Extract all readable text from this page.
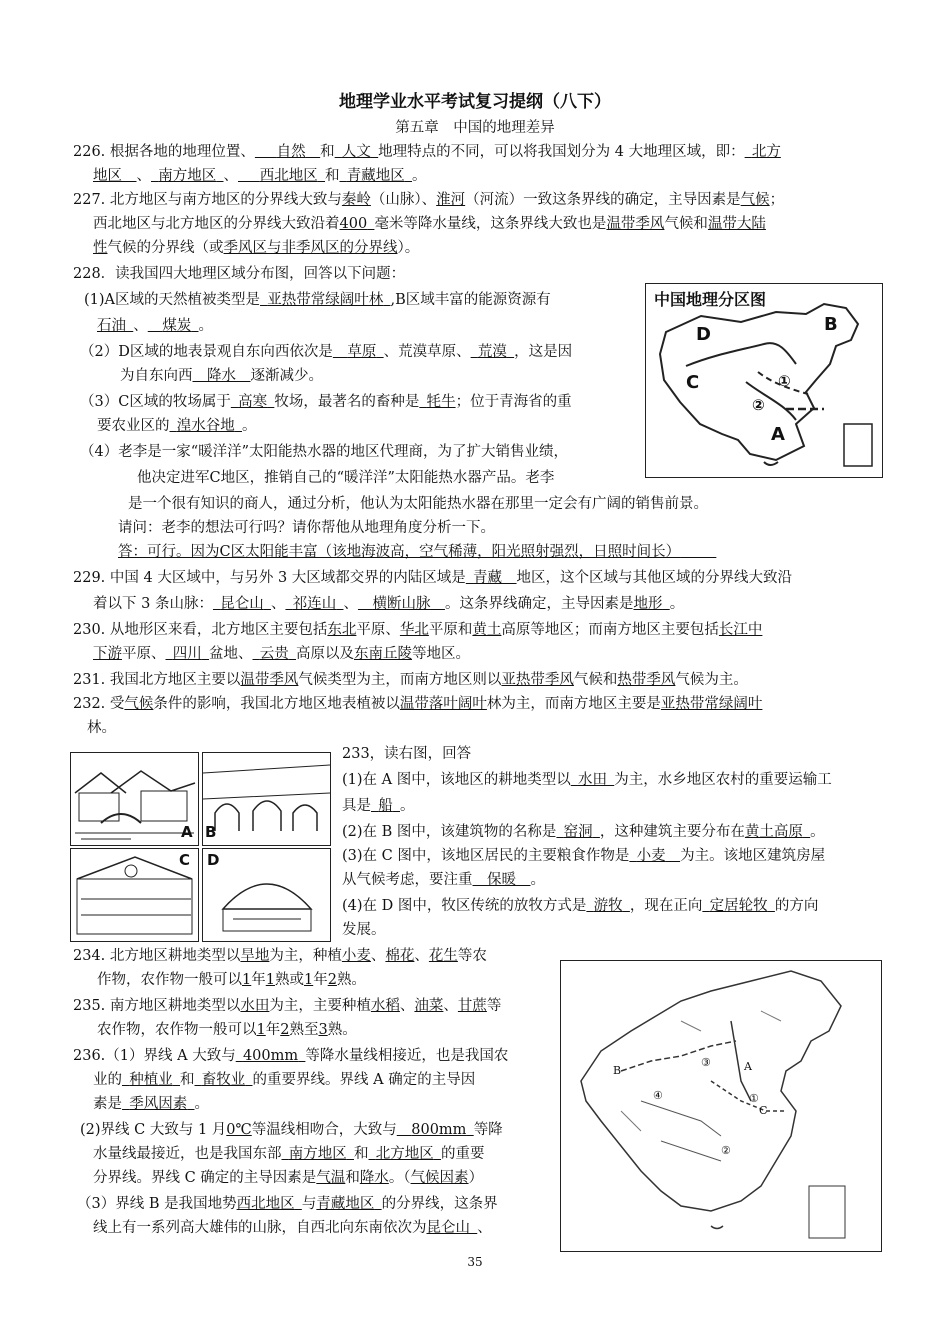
地理学业水平考试复习提纲（八下）
第五章　中国的地理差异
226. 根据各地的地理位置、   自然  和  人文  地理特点的不同，可以将我国划分为 4 大地理区域，即：  北方
地区  、  南方地区  、   西北地区  和  青藏地区  。
227. 北方地区与南方地区的分界线大致与秦岭（山脉）、淮河（河流）一致这条界线的确定，主导因素是气候；
西北地区与北方地区的分界线大致沿着400  毫米等降水量线，这条界线大致也是温带季风气候和温带大陆
性气候的分界线（或季风区与非季风区的分界线）。
228．读我国四大地理区域分布图，回答以下问题：
(1)A区域的天然植被类型是  亚热带常绿阔叶林  ,B区域丰富的能源资源有
石油  、   煤炭  。
（2）D区域的地表景观自东向西依次是   草原  、荒漠草原、  荒漠  ，这是因
为自东向西   降水   逐渐减少。
（3）C区域的牧场属于  高寒  牧场，最著名的畜种是  牦牛；位于青海省的重
要农业区的  湟水谷地  。
（4）老李是一家“暖洋洋”太阳能热水器的地区代理商，为了扩大销售业绩，
他决定进军C地区，推销自己的“暖洋洋”太阳能热水器产品。老李
是一个很有知识的商人，通过分析，他认为太阳能热水器在那里一定会有广阔的销售前景。
请问：老李的想法可行吗？请你帮他从地理角度分析一下。
答：可行。因为C区太阳能丰富（该地海波高，空气稀薄，阳光照射强烈，日照时间长）   
中国地理分区图
D	B
C
A
①
②
229. 中国 4 大区域中，与另外 3 大区域都交界的内陆区域是  青藏   地区，这个区域与其他区域的分界线大致沿
着以下 3 条山脉：  昆仑山  、  祁连山  、   横断山脉   。这条界线确定，主导因素是地形  。
230. 从地形区来看，北方地区主要包括东北平原、华北平原和黄土高原等地区；而南方地区主要包括长江中
下游平原、  四川  盆地、  云贵  高原以及东南丘陵等地区。
231. 我国北方地区主要以温带季风气候类型为主，而南方地区则以亚热带季风气候和热带季风气候为主。
232. 受气候条件的影响，我国北方地区地表植被以温带落叶阔叶林为主，而南方地区主要是亚热带常绿阔叶
林。
A B
C D
233，读右图，回答
(1)在 A 图中，该地区的耕地类型以  水田  为主，水乡地区农村的重要运输工
具是  船  。
(2)在 B 图中，该建筑物的名称是  窑洞  ，这种建筑主要分布在黄土高原  。
(3)在 C 图中，该地区居民的主要粮食作物是  小麦   为主。该地区建筑房屋
从气候考虑，要注重   保暖   。
(4)在 D 图中，牧区传统的放牧方式是  游牧  ，现在正向  定居轮牧  的方向
发展。
234. 北方地区耕地类型以旱地为主，种植小麦、棉花、花生等农
作物，农作物一般可以1年1熟或1年2熟。
235. 南方地区耕地类型以水田为主，主要种植水稻、油菜、甘蔗等
农作物，农作物一般可以1年2熟至3熟。
236.（1）界线 A 大致与  400mm  等降水量线相接近，也是我国农
业的  种植业  和  畜牧业  的重要界线。界线 A 确定的主导因
素是  季风因素  。
(2)界线 C 大致与 1 月0℃等温线相吻合，大致与   800mm  等降
水量线最接近，也是我国东部  南方地区  和  北方地区  的重要
分界线。界线 C 确定的主导因素是气温和降水。（气候因素）
（3）界线 B 是我国地势西北地区  与青藏地区  的分界线，这条界
线上有一系列高大雄伟的山脉，自西北向东南依次为昆仑山  、
B	A
C
③
④	①
②
35
